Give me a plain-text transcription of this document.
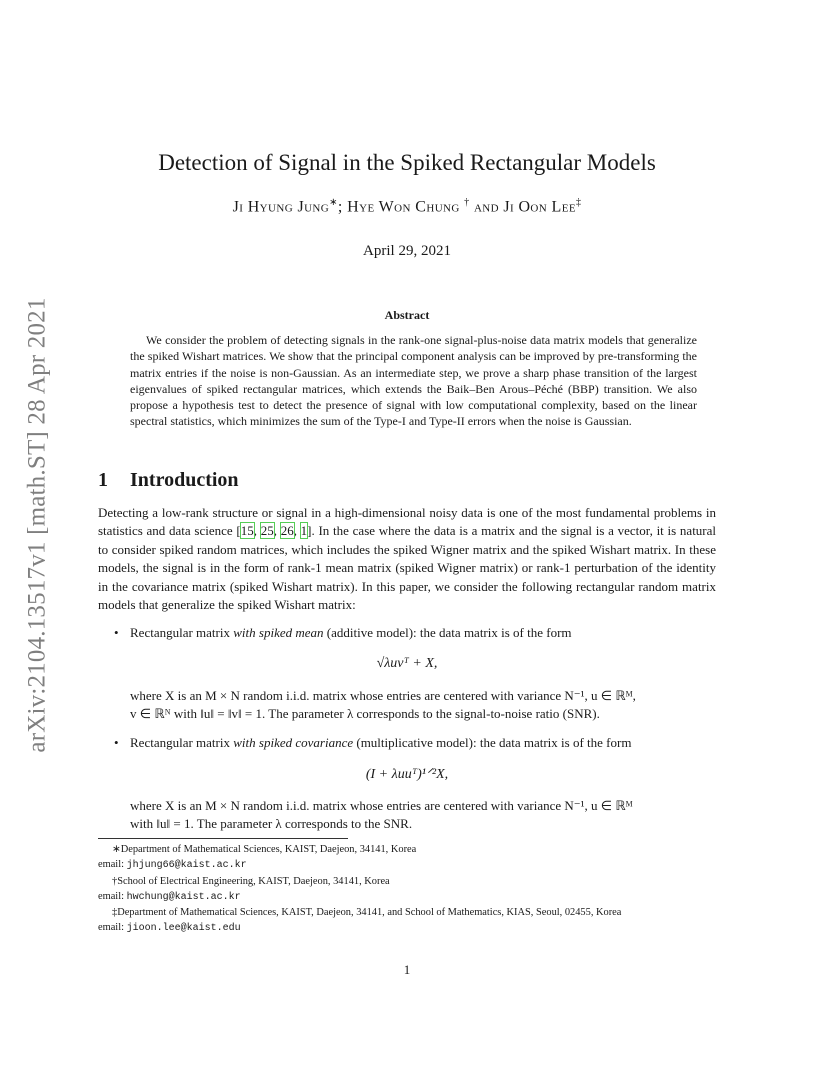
arXiv:2104.13517v1 [math.ST] 28 Apr 2021
Detection of Signal in the Spiked Rectangular Models
Ji Hyung Jung∗; Hye Won Chung † and Ji Oon Lee‡
April 29, 2021
Abstract

We consider the problem of detecting signals in the rank-one signal-plus-noise data matrix models that generalize the spiked Wishart matrices. We show that the principal component analysis can be improved by pre-transforming the matrix entries if the noise is non-Gaussian. As an intermediate step, we prove a sharp phase transition of the largest eigenvalues of spiked rectangular matrices, which extends the Baik–Ben Arous–Péché (BBP) transition. We also propose a hypothesis test to detect the presence of signal with low computational complexity, based on the linear spectral statistics, which minimizes the sum of the Type-I and Type-II errors when the noise is Gaussian.

1 Introduction

Detecting a low-rank structure or signal in a high-dimensional noisy data is one of the most fundamental problems in statistics and data science [15, 25, 26, 1]. In the case where the data is a matrix and the signal is a vector, it is natural to consider spiked random matrices, which includes the spiked Wigner matrix and the spiked Wishart matrix. In these models, the signal is in the form of rank-1 mean matrix (spiked Wigner matrix) or rank-1 perturbation of the identity in the covariance matrix (spiked Wishart matrix). In this paper, we consider the following rectangular random matrix models that generalize the spiked Wishart matrix:

• Rectangular matrix with spiked mean (additive model): the data matrix is of the form
√λuvᵀ + X,
where X is an M × N random i.i.d. matrix whose entries are centered with variance N⁻¹, u ∈ ℝᴹ,
v ∈ ℝᴺ with ‖u‖ = ‖v‖ = 1. The parameter λ corresponds to the signal-to-noise ratio (SNR).
• Rectangular matrix with spiked covariance (multiplicative model): the data matrix is of the form
(I + λuuᵀ)¹ᐟ²X,
where X is an M × N random i.i.d. matrix whose entries are centered with variance N⁻¹, u ∈ ℝᴹ
with ‖u‖ = 1. The parameter λ corresponds to the SNR.
∗Department of Mathematical Sciences, KAIST, Daejeon, 34141, Korea
email: jhjung66@kaist.ac.kr
†School of Electrical Engineering, KAIST, Daejeon, 34141, Korea
email: hwchung@kaist.ac.kr
‡Department of Mathematical Sciences, KAIST, Daejeon, 34141, and School of Mathematics, KIAS, Seoul, 02455, Korea
email: jioon.lee@kaist.edu
1
